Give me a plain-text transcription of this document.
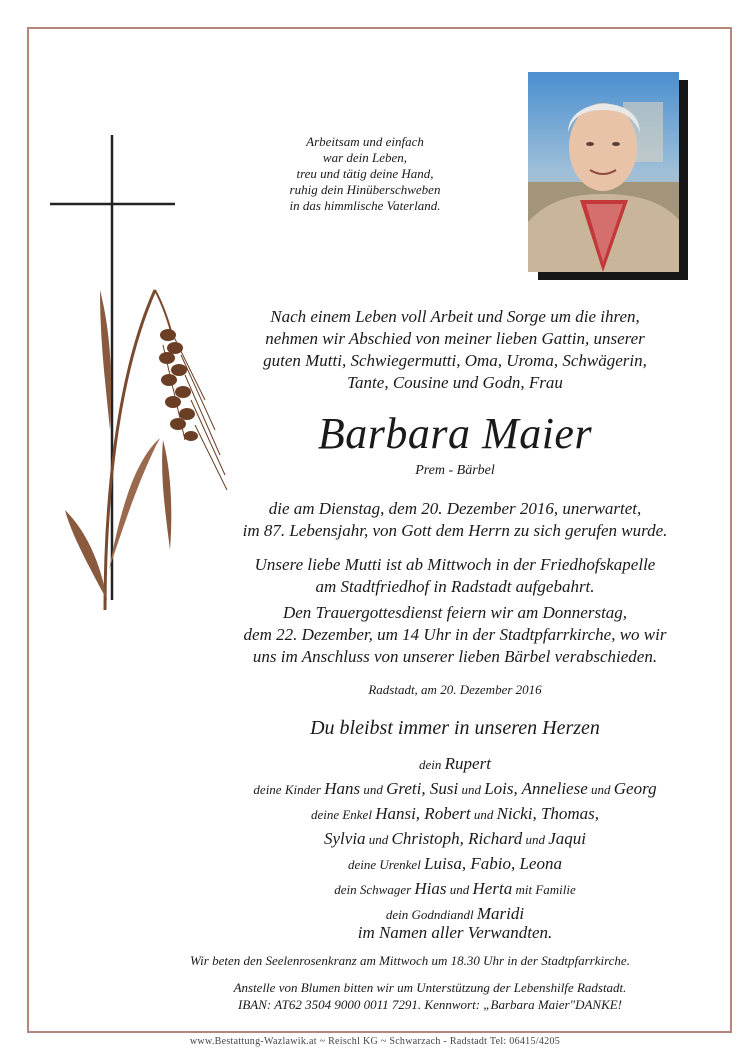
Arbeitsam und einfach
war dein Leben,
treu und tätig deine Hand,
ruhig dein Hinüberschweben
in das himmlische Vaterland.
Nach einem Leben voll Arbeit und Sorge um die ihren,
nehmen wir Abschied von meiner lieben Gattin, unserer
guten Mutti, Schwiegermutti, Oma, Uroma, Schwägerin,
Tante, Cousine und Godn, Frau
Barbara Maier
Prem - Bärbel
die am Dienstag, dem 20. Dezember 2016, unerwartet,
im 87. Lebensjahr, von Gott dem Herrn zu sich gerufen wurde.
Unsere liebe Mutti ist ab Mittwoch in der Friedhofskapelle
am Stadtfriedhof in Radstadt aufgebahrt.
Den Trauergottesdienst feiern wir am Donnerstag,
dem 22. Dezember, um 14 Uhr in der Stadtpfarrkirche, wo wir
uns im Anschluss von unserer lieben Bärbel verabschieden.
Radstadt, am 20. Dezember 2016
Du bleibst immer in unseren Herzen
dein Rupert
deine Kinder Hans und Greti, Susi und Lois, Anneliese und Georg
deine Enkel Hansi, Robert und Nicki, Thomas,
Sylvia und Christoph, Richard und Jaqui
deine Urenkel Luisa, Fabio, Leona
dein Schwager Hias und Herta mit Familie
dein Godndiandl Maridi
im Namen aller Verwandten.
Wir beten den Seelenrosenkranz am Mittwoch um 18.30 Uhr in der Stadtpfarrkirche.
Anstelle von Blumen bitten wir um Unterstützung der Lebenshilfe Radstadt.
IBAN: AT62 3504 9000 0011 7291. Kennwort: „Barbara Maier"DANKE!
www.Bestattung-Wazlawik.at ~ Reischl KG ~ Schwarzach - Radstadt Tel: 06415/4205
